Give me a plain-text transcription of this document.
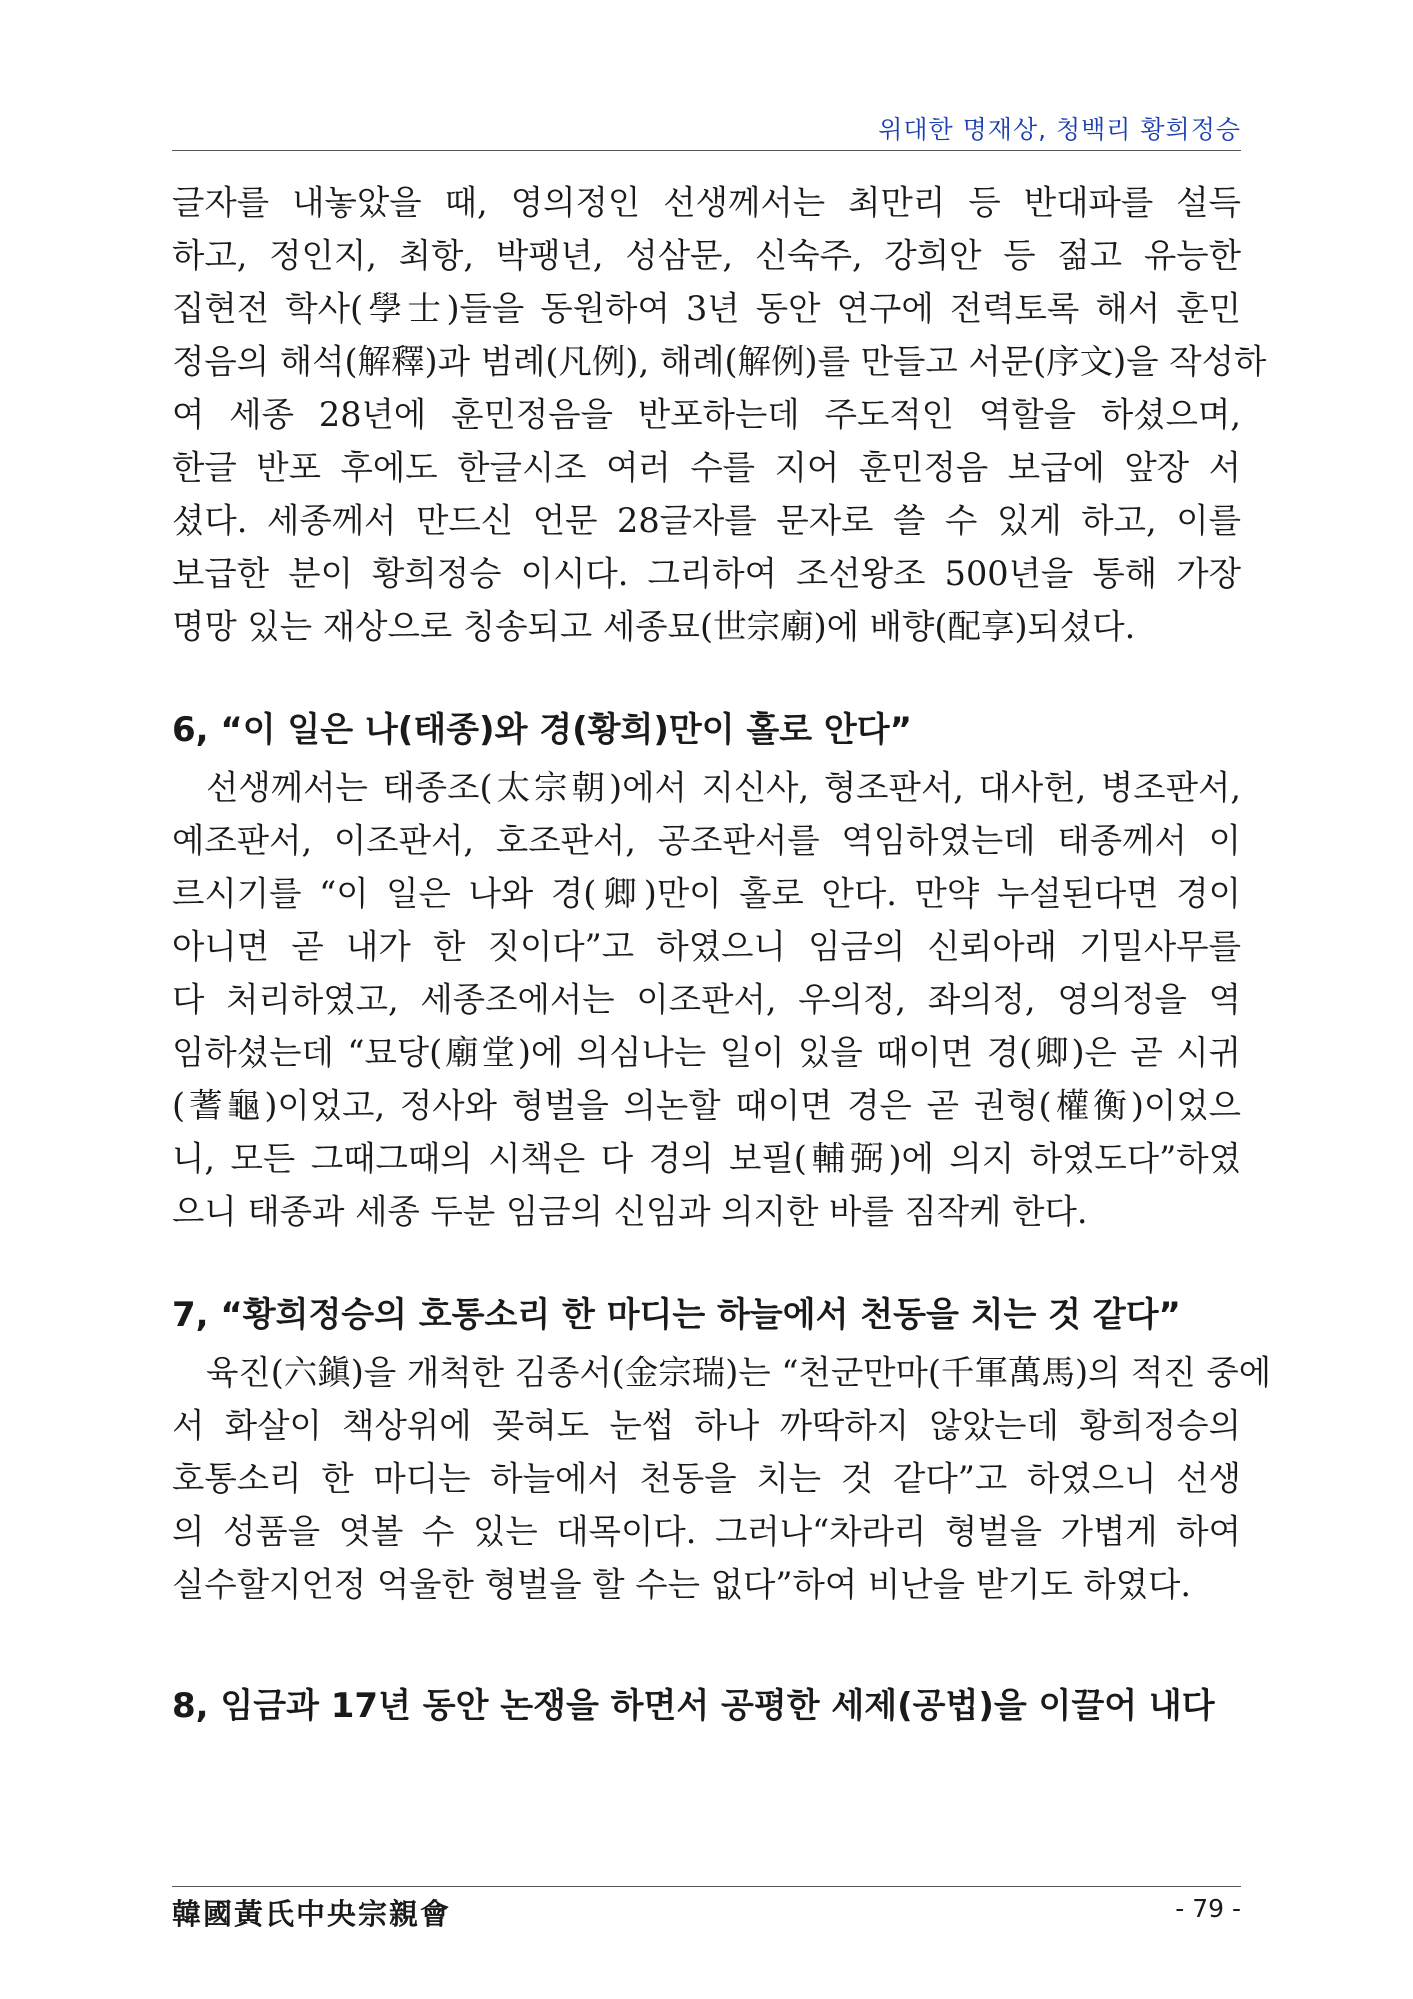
위대한 명재상, 청백리 황희정승
글자를 내놓았을 때, 영의정인 선생께서는 최만리 등 반대파를 설득
하고, 정인지, 최항, 박팽년, 성삼문, 신숙주, 강희안 등 젊고 유능한
집현전 학사(學士)들을 동원하여 3년 동안 연구에 전력토록 해서 훈민
정음의 해석(解釋)과 범례(凡例), 해례(解例)를 만들고 서문(序文)을 작성하
여 세종 28년에 훈민정음을 반포하는데 주도적인 역할을 하셨으며,
한글 반포 후에도 한글시조 여러 수를 지어 훈민정음 보급에 앞장 서
셨다. 세종께서 만드신 언문 28글자를 문자로 쓸 수 있게 하고, 이를
보급한 분이 황희정승 이시다. 그리하여 조선왕조 500년을 통해 가장
명망 있는 재상으로 칭송되고 세종묘(世宗廟)에 배향(配享)되셨다.
6, “이 일은 나(태종)와 경(황희)만이 홀로 안다”
선생께서는 태종조(太宗朝)에서 지신사, 형조판서, 대사헌, 병조판서,
예조판서, 이조판서, 호조판서, 공조판서를 역임하였는데 태종께서 이
르시기를 “이 일은 나와 경(卿)만이 홀로 안다. 만약 누설된다면 경이
아니면 곧 내가 한 짓이다”고 하였으니 임금의 신뢰아래 기밀사무를
다 처리하였고, 세종조에서는 이조판서, 우의정, 좌의정, 영의정을 역
임하셨는데 “묘당(廟堂)에 의심나는 일이 있을 때이면 경(卿)은 곧 시귀
(蓍龜)이었고, 정사와 형벌을 의논할 때이면 경은 곧 권형(權衡)이었으
니, 모든 그때그때의 시책은 다 경의 보필(輔弼)에 의지 하였도다”하였
으니 태종과 세종 두분 임금의 신임과 의지한 바를 짐작케 한다.
7, “황희정승의 호통소리 한 마디는 하늘에서 천동을 치는 것 같다”
육진(六鎭)을 개척한 김종서(金宗瑞)는 “천군만마(千軍萬馬)의 적진 중에
서 화살이 책상위에 꽂혀도 눈썹 하나 까딱하지 않았는데 황희정승의
호통소리 한 마디는 하늘에서 천동을 치는 것 같다”고 하였으니 선생
의 성품을 엿볼 수 있는 대목이다. 그러나“차라리 형벌을 가볍게 하여
실수할지언정 억울한 형벌을 할 수는 없다”하여 비난을 받기도 하였다.
8, 임금과 17년 동안 논쟁을 하면서 공평한 세제(공법)을 이끌어 내다
韓國黃氏中央宗親會	- 79 -
